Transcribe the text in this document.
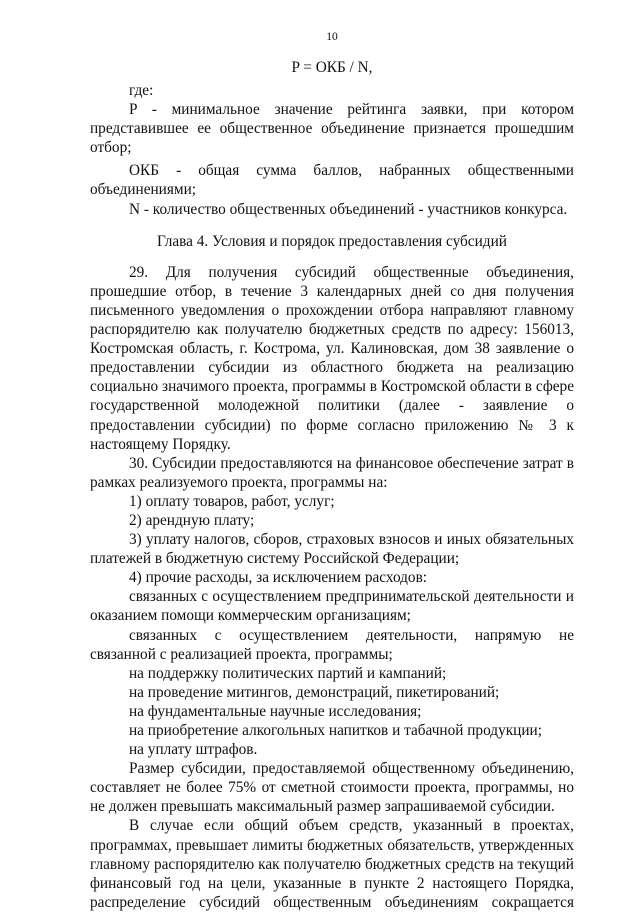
10

P = ОКБ / N,

где:

P - минимальное значение рейтинга заявки, при котором представившее ее общественное объединение признается прошедшим отбор;

ОКБ - общая сумма баллов, набранных общественными объединениями;

N - количество общественных объединений - участников конкурса.

Глава 4. Условия и порядок предоставления субсидий

29. Для получения субсидий общественные объединения, прошедшие отбор, в течение 3 календарных дней со дня получения письменного уведомления о прохождении отбора направляют главному распорядителю как получателю бюджетных средств по адресу: 156013, Костромская область, г. Кострома, ул. Калиновская, дом 38 заявление о предоставлении субсидии из областного бюджета на реализацию социально значимого проекта, программы в Костромской области в сфере государственной молодежной политики (далее - заявление о предоставлении субсидии) по форме согласно приложению № 3 к настоящему Порядку.

30. Субсидии предоставляются на финансовое обеспечение затрат в рамках реализуемого проекта, программы на:

1) оплату товаров, работ, услуг;

2) арендную плату;

3) уплату налогов, сборов, страховых взносов и иных обязательных платежей в бюджетную систему Российской Федерации;

4) прочие расходы, за исключением расходов:

связанных с осуществлением предпринимательской деятельности и оказанием помощи коммерческим организациям;

связанных с осуществлением деятельности, напрямую не связанной с реализацией проекта, программы;

на поддержку политических партий и кампаний;

на проведение митингов, демонстраций, пикетирований;

на фундаментальные научные исследования;

на приобретение алкогольных напитков и табачной продукции;

на уплату штрафов.

Размер субсидии, предоставляемой общественному объединению, составляет не более 75% от сметной стоимости проекта, программы, но не должен превышать максимальный размер запрашиваемой субсидии.

В случае если общий объем средств, указанный в проектах, программах, превышает лимиты бюджетных обязательств, утвержденных главному распорядителю как получателю бюджетных средств на текущий финансовый год на цели, указанные в пункте 2 настоящего Порядка, распределение субсидий общественным объединениям сокращается
